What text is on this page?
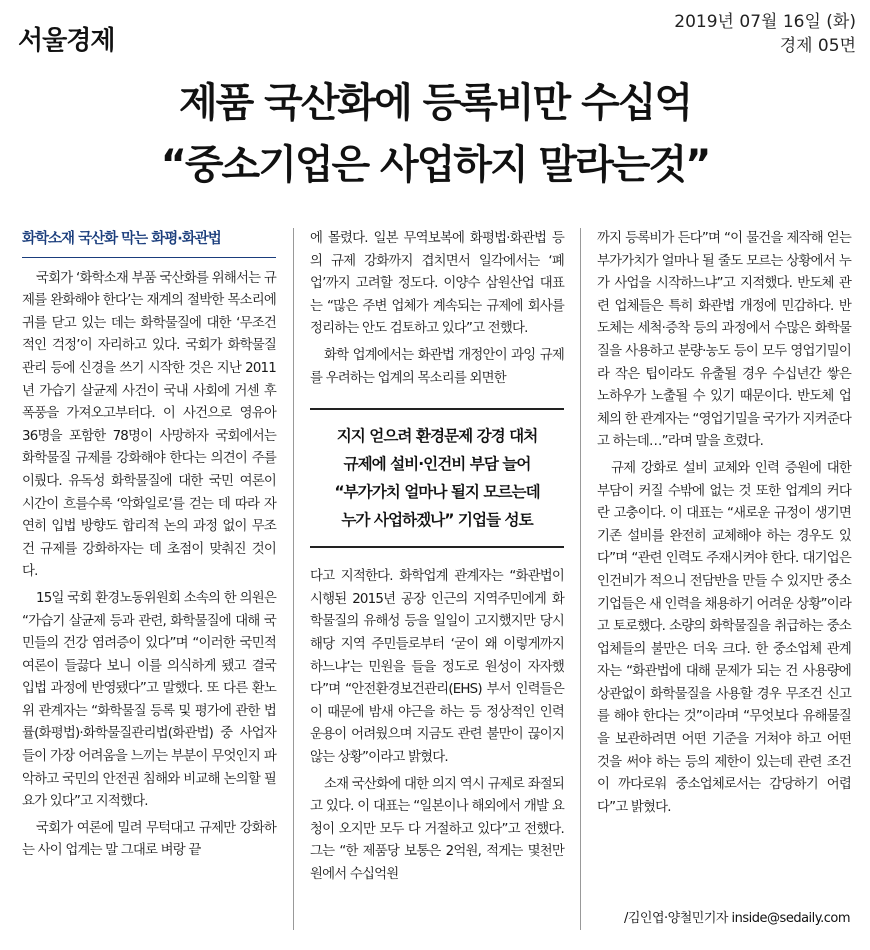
서울경제
2019년 07월 16일 (화)
경제 05면
제품 국산화에 등록비만 수십억
“중소기업은 사업하지 말라는것”
화학소재 국산화 막는 화평·화관법

국회가 ‘화학소재 부품 국산화를 위해서는 규제를 완화해야 한다’는 재계의 절박한 목소리에 귀를 닫고 있는 데는 화학물질에 대한 ‘무조건적인 걱정’이 자리하고 있다. 국회가 화학물질 관리 등에 신경을 쓰기 시작한 것은 지난 2011년 가습기 살균제 사건이 국내 사회에 거센 후폭풍을 가져오고부터다. 이 사건으로 영유아 36명을 포함한 78명이 사망하자 국회에서는 화학물질 규제를 강화해야 한다는 의견이 주를 이뤘다. 유독성 화학물질에 대한 국민 여론이 시간이 흐를수록 ‘악화일로’를 걷는 데 따라 자연히 입법 방향도 합리적 논의 과정 없이 무조건 규제를 강화하자는 데 초점이 맞춰진 것이다.

15일 국회 환경노동위원회 소속의 한 의원은 “가습기 살균제 등과 관련, 화학물질에 대해 국민들의 건강 염려증이 있다”며 “이러한 국민적 여론이 들끓다 보니 이를 의식하게 됐고 결국 입법 과정에 반영됐다”고 말했다. 또 다른 환노위 관계자는 “화학물질 등록 및 평가에 관한 법률(화평법)·화학물질관리법(화관법) 중 사업자들이 가장 어려움을 느끼는 부분이 무엇인지 파악하고 국민의 안전권 침해와 비교해 논의할 필요가 있다”고 지적했다.

국회가 여론에 밀려 무턱대고 규제만 강화하는 사이 업계는 말 그대로 벼랑 끝

에 몰렸다. 일본 무역보복에 화평법·화관법 등의 규제 강화까지 겹치면서 일각에서는 ‘폐업’까지 고려할 정도다. 이양수 삼원산업 대표는 “많은 주변 업체가 계속되는 규제에 회사를 정리하는 안도 검토하고 있다”고 전했다.

화학 업계에서는 화관법 개정안이 과잉 규제를 우려하는 업계의 목소리를 외면한

지지 얻으려 환경문제 강경 대처
규제에 설비·인건비 부담 늘어
“부가가치 얼마나 될지 모르는데
누가 사업하겠나” 기업들 성토

다고 지적한다. 화학업계 관계자는 “화관법이 시행된 2015년 공장 인근의 지역주민에게 화학물질의 유해성 등을 일일이 고지했지만 당시 해당 지역 주민들로부터 ‘굳이 왜 이렇게까지 하느냐’는 민원을 들을 정도로 원성이 자자했다”며 “안전환경보건관리(EHS) 부서 인력들은 이 때문에 밤새 야근을 하는 등 정상적인 인력 운용이 어려웠으며 지금도 관련 불만이 끊이지 않는 상황”이라고 밝혔다.

소재 국산화에 대한 의지 역시 규제로 좌절되고 있다. 이 대표는 “일본이나 해외에서 개발 요청이 오지만 모두 다 거절하고 있다”고 전했다. 그는 “한 제품당 보통은 2억원, 적게는 몇천만원에서 수십억원

까지 등록비가 든다”며 “이 물건을 제작해 얻는 부가가치가 얼마나 될 줄도 모르는 상황에서 누가 사업을 시작하느냐”고 지적했다. 반도체 관련 업체들은 특히 화관법 개정에 민감하다. 반도체는 세척·증착 등의 과정에서 수많은 화학물질을 사용하고 분량·농도 등이 모두 영업기밀이라 작은 팁이라도 유출될 경우 수십년간 쌓은 노하우가 노출될 수 있기 때문이다. 반도체 업체의 한 관계자는 “영업기밀을 국가가 지켜준다고 하는데…”라며 말을 흐렸다.

규제 강화로 설비 교체와 인력 증원에 대한 부담이 커질 수밖에 없는 것 또한 업계의 커다란 고충이다. 이 대표는 “새로운 규정이 생기면 기존 설비를 완전히 교체해야 하는 경우도 있다”며 “관련 인력도 주재시켜야 한다. 대기업은 인건비가 적으니 전담반을 만들 수 있지만 중소기업들은 새 인력을 채용하기 어려운 상황”이라고 토로했다. 소량의 화학물질을 취급하는 중소업체들의 불만은 더욱 크다. 한 중소업체 관계자는 “화관법에 대해 문제가 되는 건 사용량에 상관없이 화학물질을 사용할 경우 무조건 신고를 해야 한다는 것”이라며 “무엇보다 유해물질을 보관하려면 어떤 기준을 거쳐야 하고 어떤 것을 써야 하는 등의 제한이 있는데 관련 조건이 까다로워 중소업체로서는 감당하기 어렵다”고 밝혔다.

/김인엽·양철민기자 inside@sedaily.com
